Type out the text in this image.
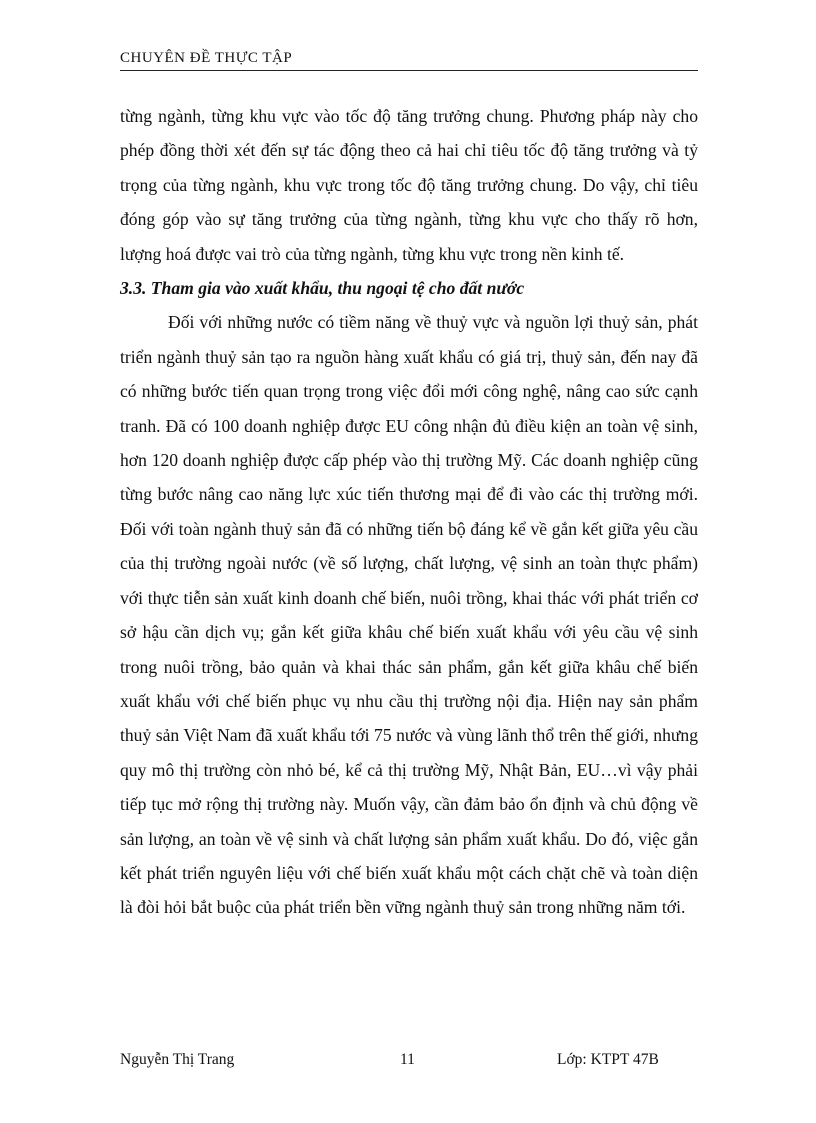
CHUYÊN ĐỀ THỰC TẬP

từng ngành, từng khu vực vào tốc độ tăng trưởng chung. Phương pháp này cho phép đồng thời xét đến sự tác động theo cả hai chỉ tiêu tốc độ tăng trưởng và tỷ trọng của từng ngành, khu vực trong tốc độ tăng trưởng chung. Do vậy, chỉ tiêu đóng góp vào sự tăng trưởng của từng ngành, từng khu vực cho thấy rõ hơn, lượng hoá được vai trò của từng ngành, từng khu vực trong nền kinh tế.

3.3. Tham gia vào xuất khẩu, thu ngoại tệ cho đất nước

Đối với những nước có tiềm năng về thuỷ vực và nguồn lợi thuỷ sản, phát triển ngành thuỷ sản tạo ra nguồn hàng xuất khẩu có giá trị, thuỷ sản, đến nay đã có những bước tiến quan trọng trong việc đổi mới công nghệ, nâng cao sức cạnh tranh. Đã có 100 doanh nghiệp được EU công nhận đủ điều kiện an toàn vệ sinh, hơn 120 doanh nghiệp được cấp phép vào thị trường Mỹ. Các doanh nghiệp cũng từng bước nâng cao năng lực xúc tiến thương mại để đi vào các thị trường mới. Đối với toàn ngành thuỷ sản đã có những tiến bộ đáng kể về gắn kết giữa yêu cầu của thị trường ngoài nước (về số lượng, chất lượng, vệ sinh an toàn thực phẩm) với thực tiễn sản xuất kinh doanh chế biến, nuôi trồng, khai thác với phát triển cơ sở hậu cần dịch vụ; gắn kết giữa khâu chế biến xuất khẩu với yêu cầu vệ sinh trong nuôi trồng, bảo quản và khai thác sản phẩm, gắn kết giữa khâu chế biến xuất khẩu với chế biến phục vụ nhu cầu thị trường nội địa. Hiện nay sản phẩm thuỷ sản Việt Nam đã xuất khẩu tới 75 nước và vùng lãnh thổ trên thế giới, nhưng quy mô thị trường còn nhỏ bé, kể cả thị trường Mỹ, Nhật Bản, EU…vì vậy phải tiếp tục mở rộng thị trường này. Muốn vậy, cần đảm bảo ổn định và chủ động về sản lượng, an toàn về vệ sinh và chất lượng sản phẩm xuất khẩu. Do đó, việc gắn kết phát triển nguyên liệu với chế biến xuất khẩu một cách chặt chẽ và toàn diện là đòi hỏi bắt buộc của phát triển bền vững ngành thuỷ sản trong những năm tới.

Nguyễn Thị Trang	11	Lớp: KTPT 47B
